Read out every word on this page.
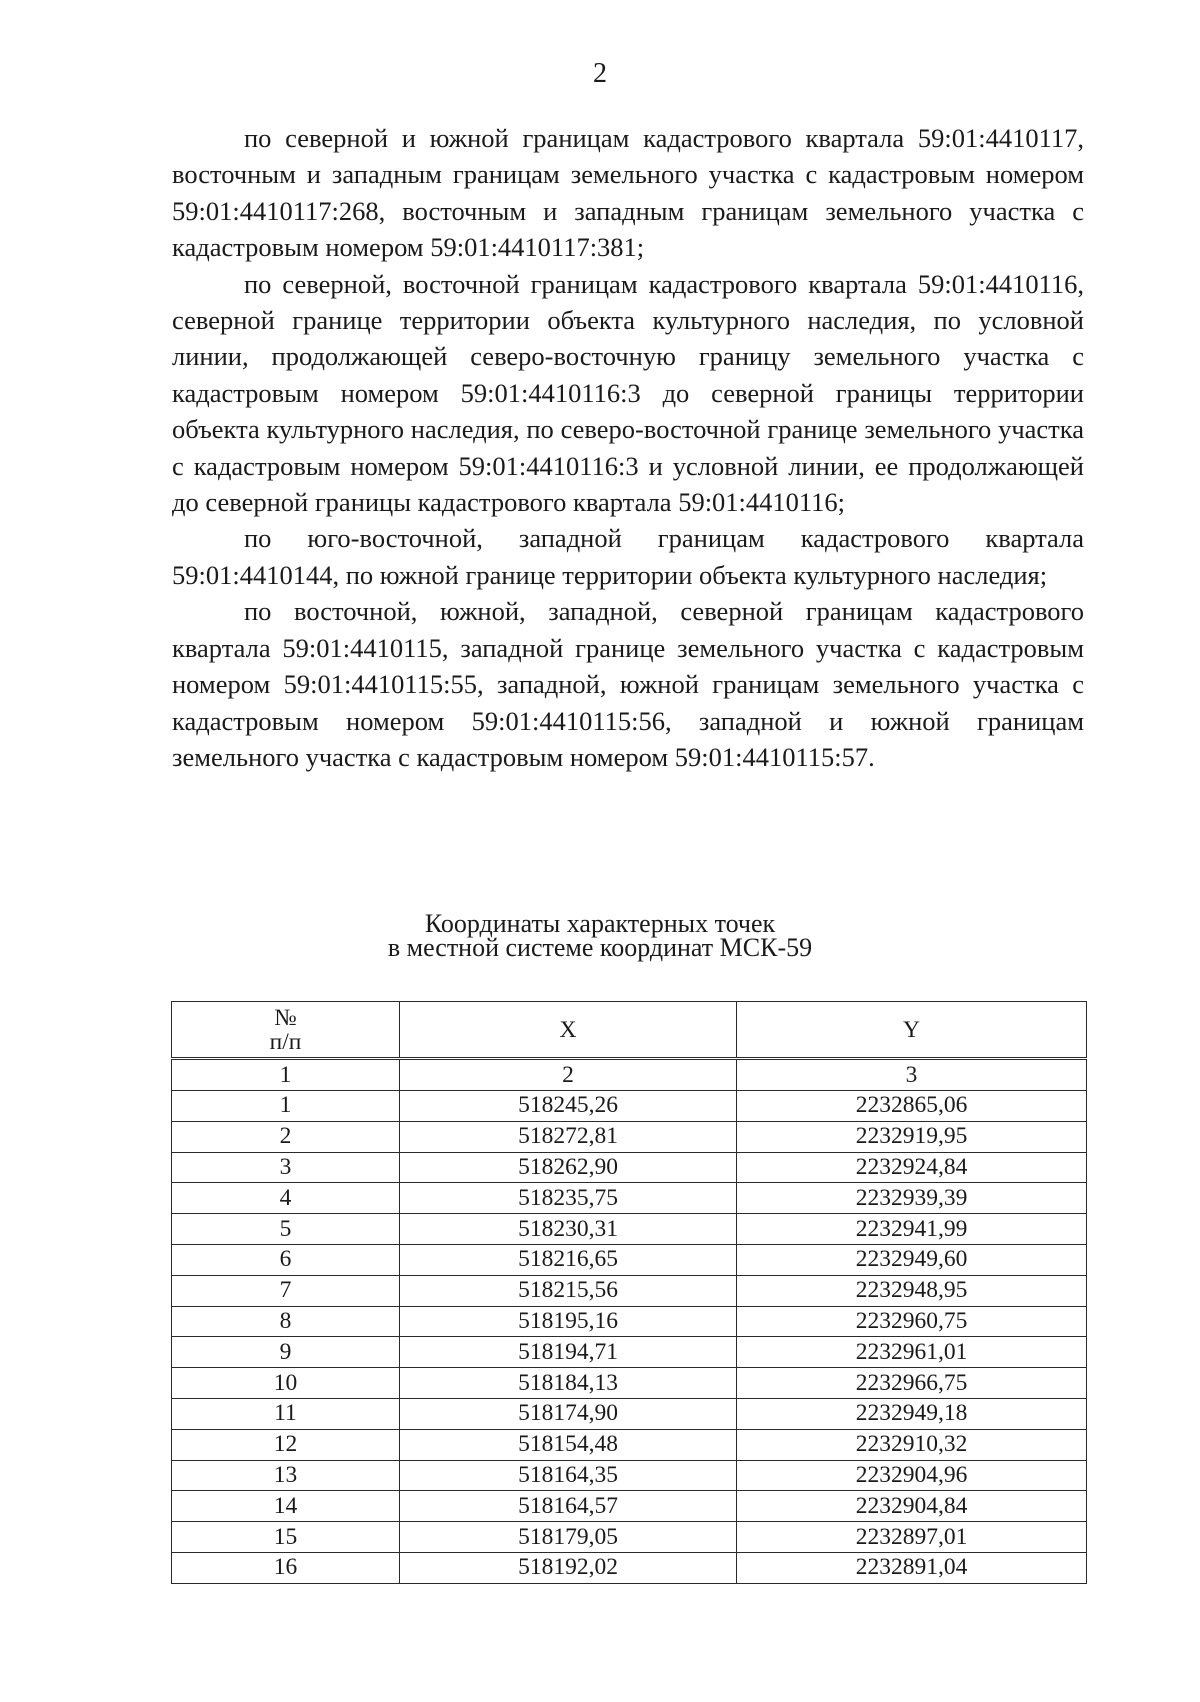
2

по северной и южной границам кадастрового квартала 59:01:4410117, восточным и западным границам земельного участка с кадастровым номером 59:01:4410117:268, восточным и западным границам земельного участка с кадастровым номером 59:01:4410117:381;

по северной, восточной границам кадастрового квартала 59:01:4410116, северной границе территории объекта культурного наследия, по условной линии, продолжающей северо-восточную границу земельного участка с кадастровым номером 59:01:4410116:3 до северной границы территории объекта культурного наследия, по северо-восточной границе земельного участка с кадастровым номером 59:01:4410116:3 и условной линии, ее продолжающей до северной границы кадастрового квартала 59:01:4410116;

по юго-восточной, западной границам кадастрового квартала 59:01:4410144, по южной границе территории объекта культурного наследия;

по восточной, южной, западной, северной границам кадастрового квартала 59:01:4410115, западной границе земельного участка с кадастровым номером 59:01:4410115:55, западной, южной границам земельного участка с кадастровым номером 59:01:4410115:56, западной и южной границам земельного участка с кадастровым номером 59:01:4410115:57.

Координаты характерных точек
в местной системе координат МСК-59
№
п/п	X	Y
1	2	3
1	518245,26	2232865,06
2	518272,81	2232919,95
3	518262,90	2232924,84
4	518235,75	2232939,39
5	518230,31	2232941,99
6	518216,65	2232949,60
7	518215,56	2232948,95
8	518195,16	2232960,75
9	518194,71	2232961,01
10	518184,13	2232966,75
11	518174,90	2232949,18
12	518154,48	2232910,32
13	518164,35	2232904,96
14	518164,57	2232904,84
15	518179,05	2232897,01
16	518192,02	2232891,04
